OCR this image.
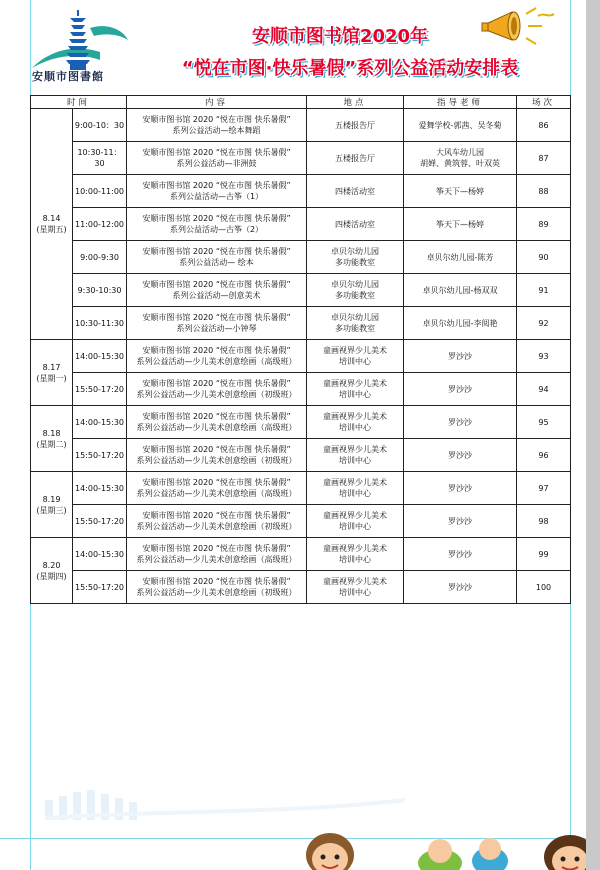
安顺市图書館
安顺市图书馆2020年
“悦在市图·快乐暑假”系列公益活动安排表
时间		内容	地点	指导老师	场次

8.14
(星期五)	9:00-10：30	安顺市图书馆 2020 “悦在市图 快乐暑假”
系列公益活动—绘本舞蹈	五楼报告厅	爱舞学校-郭茜、吴冬菊	86
	10:30-11：30	安顺市图书馆 2020 “悦在市图 快乐暑假”
系列公益活动—非洲鼓	五楼报告厅	大风车幼儿园
胡婵、黄筑蓉、叶双英	87
	10:00-11:00	安顺市图书馆 2020 “悦在市图 快乐暑假”
系列公益活动—古筝（1）	四楼活动室	筝天下—杨婷	88
	11:00-12:00	安顺市图书馆 2020 “悦在市图 快乐暑假”
系列公益活动—古筝（2）	四楼活动室	筝天下—杨婷	89
	9:00-9:30	安顺市图书馆 2020 “悦在市图 快乐暑假”
系列公益活动— 绘本	卓贝尔幼儿园
多功能教室	卓贝尔幼儿园-陈芳	90
	9:30-10:30	安顺市图书馆 2020 “悦在市图 快乐暑假”
系列公益活动—创意美术	卓贝尔幼儿园
多功能教室	卓贝尔幼儿园-杨双双	91
	10:30-11:30	安顺市图书馆 2020 “悦在市图 快乐暑假”
系列公益活动—小钟琴	卓贝尔幼儿园
多功能教室	卓贝尔幼儿园-李阅艳	92

8.17
(星期一)	14:00-15:30	安顺市图书馆 2020 “悦在市图 快乐暑假”
系列公益活动—少儿美术创意绘画（高级班）	童画视界少儿美术
培训中心	罗沙沙	93
	15:50-17:20	安顺市图书馆 2020 “悦在市图 快乐暑假”
系列公益活动—少儿美术创意绘画（初级班）	童画视界少儿美术
培训中心	罗沙沙	94

8.18
(星期二)	14:00-15:30	安顺市图书馆 2020 “悦在市图 快乐暑假”
系列公益活动—少儿美术创意绘画（高级班）	童画视界少儿美术
培训中心	罗沙沙	95
	15:50-17:20	安顺市图书馆 2020 “悦在市图 快乐暑假”
系列公益活动—少儿美术创意绘画（初级班）	童画视界少儿美术
培训中心	罗沙沙	96

8.19
(星期三)	14:00-15:30	安顺市图书馆 2020 “悦在市图 快乐暑假”
系列公益活动—少儿美术创意绘画（高级班）	童画视界少儿美术
培训中心	罗沙沙	97
	15:50-17:20	安顺市图书馆 2020 “悦在市图 快乐暑假”
系列公益活动—少儿美术创意绘画（初级班）	童画视界少儿美术
培训中心	罗沙沙	98

8.20
(星期四)	14:00-15:30	安顺市图书馆 2020 “悦在市图 快乐暑假”
系列公益活动—少儿美术创意绘画（高级班）	童画视界少儿美术
培训中心	罗沙沙	99
	15:50-17:20	安顺市图书馆 2020 “悦在市图 快乐暑假”
系列公益活动—少儿美术创意绘画（初级班）	童画视界少儿美术
培训中心	罗沙沙	100
